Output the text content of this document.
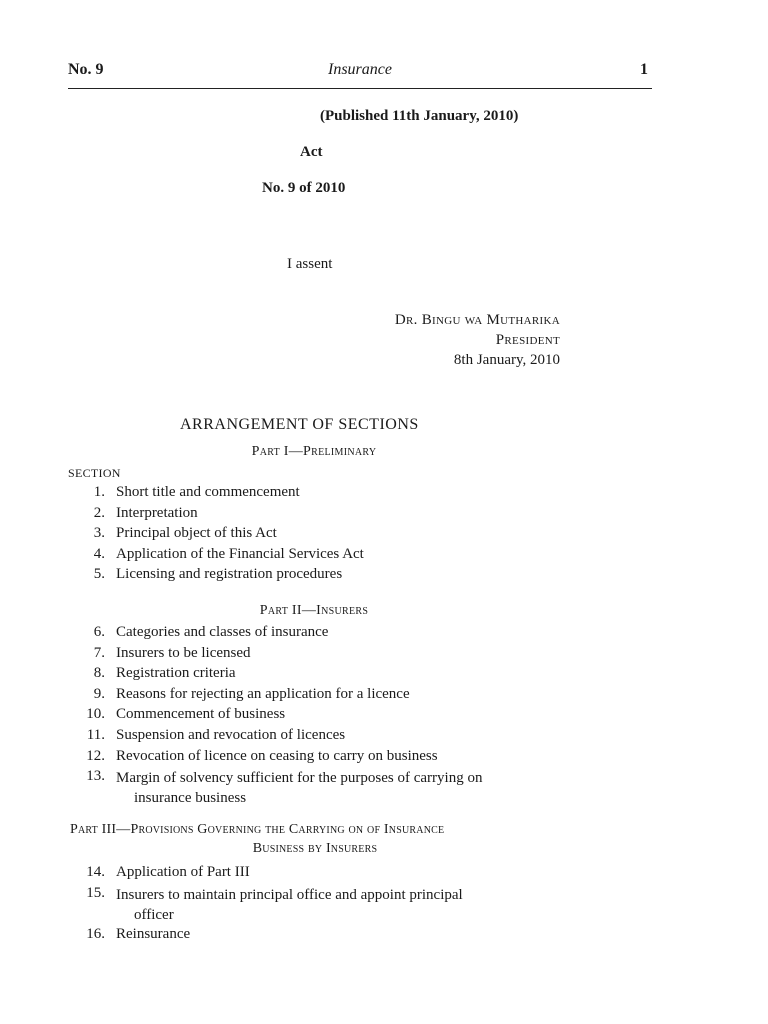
No. 9	Insurance	1
(Published 11th January, 2010)
Act
No. 9 of 2010
I assent
Dr. Bingu wa Mutharika
President
8th January, 2010
ARRANGEMENT OF SECTIONS
Part I—Preliminary
SECTION
1. Short title and commencement
2. Interpretation
3. Principal object of this Act
4. Application of the Financial Services Act
5. Licensing and registration procedures
Part II—Insurers
6. Categories and classes of insurance
7. Insurers to be licensed
8. Registration criteria
9. Reasons for rejecting an application for a licence
10. Commencement of business
11. Suspension and revocation of licences
12. Revocation of licence on ceasing to carry on business
13. Margin of solvency sufficient for the purposes of carrying on
insurance business
Part III—Provisions Governing the Carrying on of Insurance
Business by Insurers
14. Application of Part III
15. Insurers to maintain principal office and appoint principal
officer
16. Reinsurance
